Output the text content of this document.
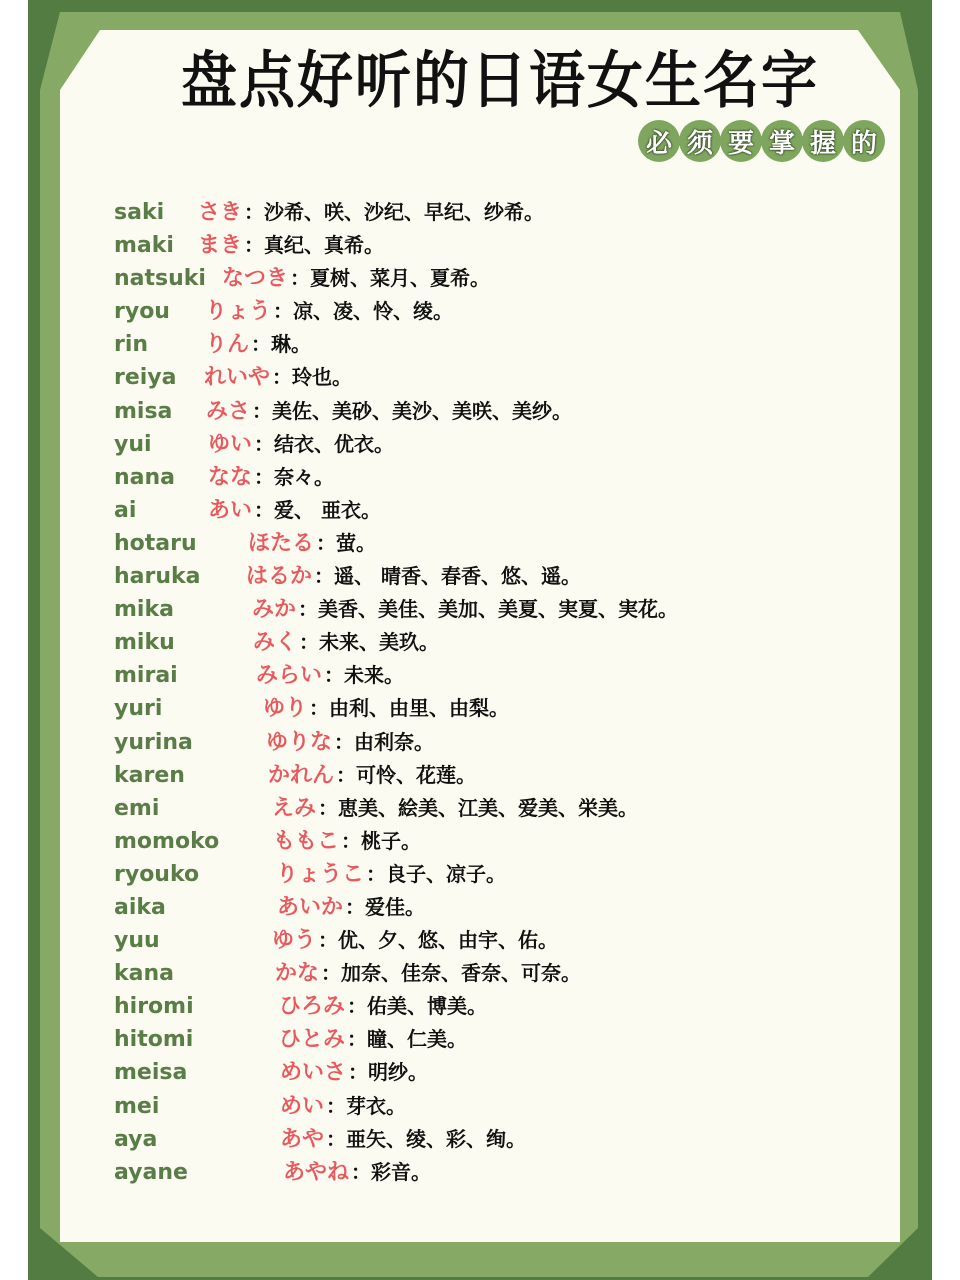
盘点好听的日语女生名字
必 须 要 掌 握 的
saki さき ：沙希、咲、沙纪、早纪、纱希。
maki まき ：真纪、真希。
natsuki なつき ：夏树、菜月、夏希。
ryou りょう ：凉、凌、怜、绫。
rin	りん ：琳。
reiya れいや ：玲也。
misa みさ ：美佐、美砂、美沙、美咲、美纱。
yui	ゆい ：结衣、优衣。
nana なな ：奈々。
ai	あい ：爱、 亜衣。
hotaru ほたる ：萤。
haruka はるか ：遥、 晴香、春香、悠、遥。
mika	みか ：美香、美佳、美加、美夏、実夏、実花。
miku	みく ：未来、美玖。
mirai	みらい ：未来。
yuri	ゆり ：由利、由里、由梨。
yurina	ゆりな ：由利奈。
karen	かれん ：可怜、花莲。
emi	えみ ：恵美、絵美、江美、爱美、栄美。
momoko ももこ ：桃子。
ryouko	りょうこ ：良子、凉子。
aika	あいか ：爱佳。
yuu	ゆう ：优、夕、悠、由宇、佑。
kana	かな ：加奈、佳奈、香奈、可奈。
hiromi	ひろみ ：佑美、博美。
hitomi	ひとみ ：瞳、仁美。
meisa	めいさ ：明纱。
mei	めい ：芽衣。
aya	あや ：亜矢、绫、彩、绚。
ayane	あやね ：彩音。
